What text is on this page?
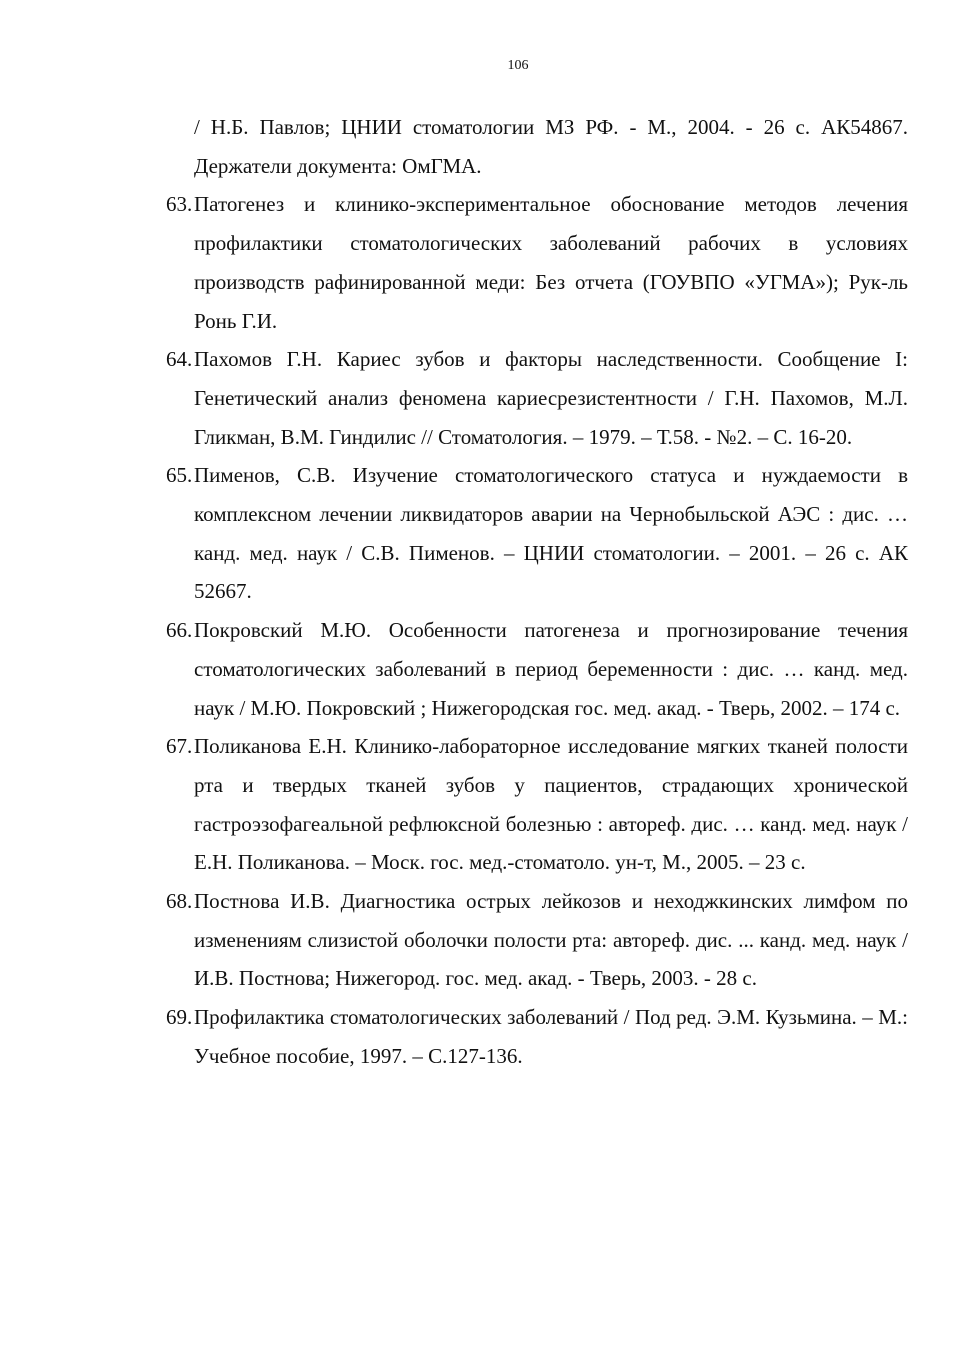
106
/ Н.Б. Павлов; ЦНИИ стоматологии МЗ РФ. - М., 2004. - 26 с. АК54867. Держатели документа: ОмГМА.
63. Патогенез и клинико-экспериментальное обоснование методов лечения профилактики стоматологических заболеваний рабочих в условиях производств рафинированной меди: Без отчета (ГОУВПО «УГМА»); Рук-ль Ронь Г.И.
64. Пахомов Г.Н. Кариес зубов и факторы наследственности. Сообщение I: Генетический анализ феномена кариесрезистентности / Г.Н. Пахомов, М.Л. Гликман, В.М. Гиндилис // Стоматология. – 1979. – Т.58. - №2. – С. 16-20.
65. Пименов, С.В. Изучение стоматологического статуса и нуждаемости в комплексном лечении ликвидаторов аварии на Чернобыльской АЭС : дис. … канд. мед. наук / С.В. Пименов. – ЦНИИ стоматологии. – 2001. – 26 с. АК 52667.
66. Покровский М.Ю. Особенности патогенеза и прогнозирование течения стоматологических заболеваний в период беременности : дис. … канд. мед. наук / М.Ю. Покровский ; Нижегородская гос. мед. акад. - Тверь, 2002. – 174 с.
67. Поликанова Е.Н. Клинико-лабораторное исследование мягких тканей полости рта и твердых тканей зубов у пациентов, страдающих хронической гастроэзофагеальной рефлюксной болезнью : автореф. дис. … канд. мед. наук / Е.Н. Поликанова. – Моск. гос. мед.-стоматоло. ун-т, М., 2005. – 23 с.
68. Постнова И.В. Диагностика острых лейкозов и неходжкинских лимфом по изменениям слизистой оболочки полости рта: автореф. дис. ... канд. мед. наук / И.В. Постнова; Нижегород. гос. мед. акад. - Тверь, 2003. - 28 с.
69. Профилактика стоматологических заболеваний / Под ред. Э.М. Кузьмина. – М.: Учебное пособие, 1997. – С.127-136.
